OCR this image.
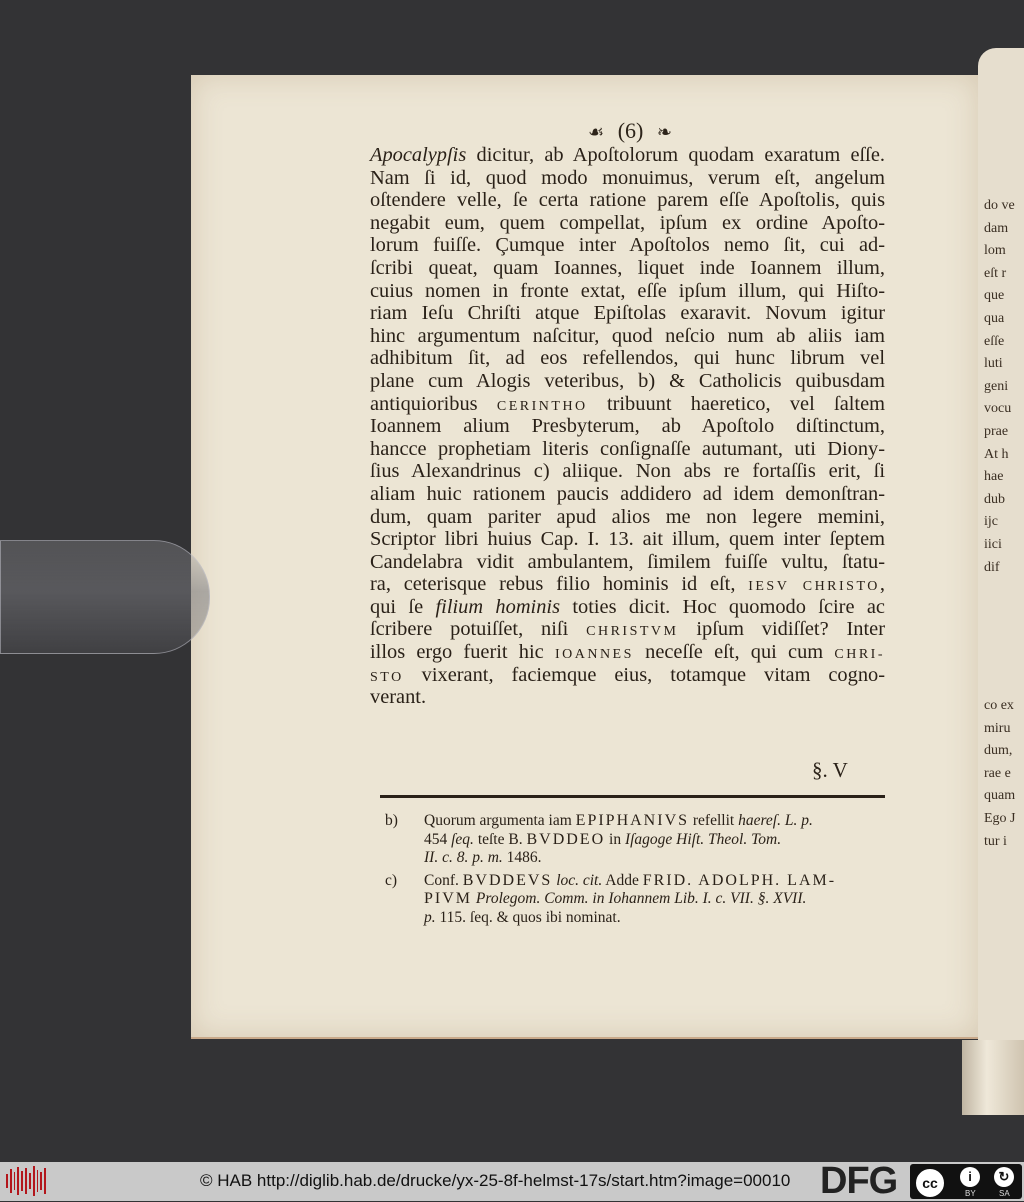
do ve
dam
lom
eſt r
que
qua
eſſe
luti
geni
vocu
prae
At h
hae
dub
ijc
iici
dif
co ex
miru
dum,
rae e
quam
Ego J
tur i
☙ (6) ❧
Apocalypſis dicitur, ab Apoſtolorum quodam exaratum eſſe.
Nam ſi id, quod modo monuimus, verum eſt, angelum
oſtendere velle, ſe certa ratione parem eſſe Apoſtolis, quis
negabit eum, quem compellat, ipſum ex ordine Apoſto-
lorum fuiſſe. Çumque inter Apoſtolos nemo ſit, cui ad-
ſcribi queat, quam Ioannes, liquet inde Ioannem illum,
cuius nomen in fronte extat, eſſe ipſum illum, qui Hiſto-
riam Ieſu Chriſti atque Epiſtolas exaravit. Novum igitur
hinc argumentum naſcitur, quod neſcio num ab aliis iam
adhibitum ſit, ad eos refellendos, qui hunc librum vel
plane cum Alogis veteribus, b) & Catholicis quibusdam
antiquioribus CERINTHO tribuunt haeretico, vel ſaltem
Ioannem alium Presbyterum, ab Apoſtolo diſtinctum,
hancce prophetiam literis conſignaſſe autumant, uti Diony-
ſius Alexandrinus c) aliique. Non abs re fortaſſis erit, ſi
aliam huic rationem paucis addidero ad idem demonſtran-
dum, quam pariter apud alios me non legere memini,
Scriptor libri huius Cap. I. 13. ait illum, quem inter ſeptem
Candelabra vidit ambulantem, ſimilem fuiſſe vultu, ſtatu-
ra, ceterisque rebus filio hominis id eſt, IESV CHRISTO,
qui ſe filium hominis toties dicit. Hoc quomodo ſcire ac
ſcribere potuiſſet, niſi CHRISTVM ipſum vidiſſet? Inter
illos ergo fuerit hic IOANNES neceſſe eſt, qui cum CHRI-
STO vixerant, faciemque eius, totamque vitam cogno-
verant.

§. V
b) Quorum argumenta iam EPIPHANIVS refellit haereſ. L. p.
454 ſeq. teſte B. BVDDEO in Iſagoge Hiſt. Theol. Tom.
II. c. 8. p. m. 1486.
c) Conf. BVDDEVS loc. cit. Adde FRID. ADOLPH. LAM-
PIVM Prolegom. Comm. in Iohannem Lib. I. c. VII. §. XVII.
p. 115. ſeq. & quos ibi nominat.
© HAB http://diglib.hab.de/drucke/yx-25-8f-helmst-17s/start.htm?image=00010 DFG	cc	i	↻
BY	SA
